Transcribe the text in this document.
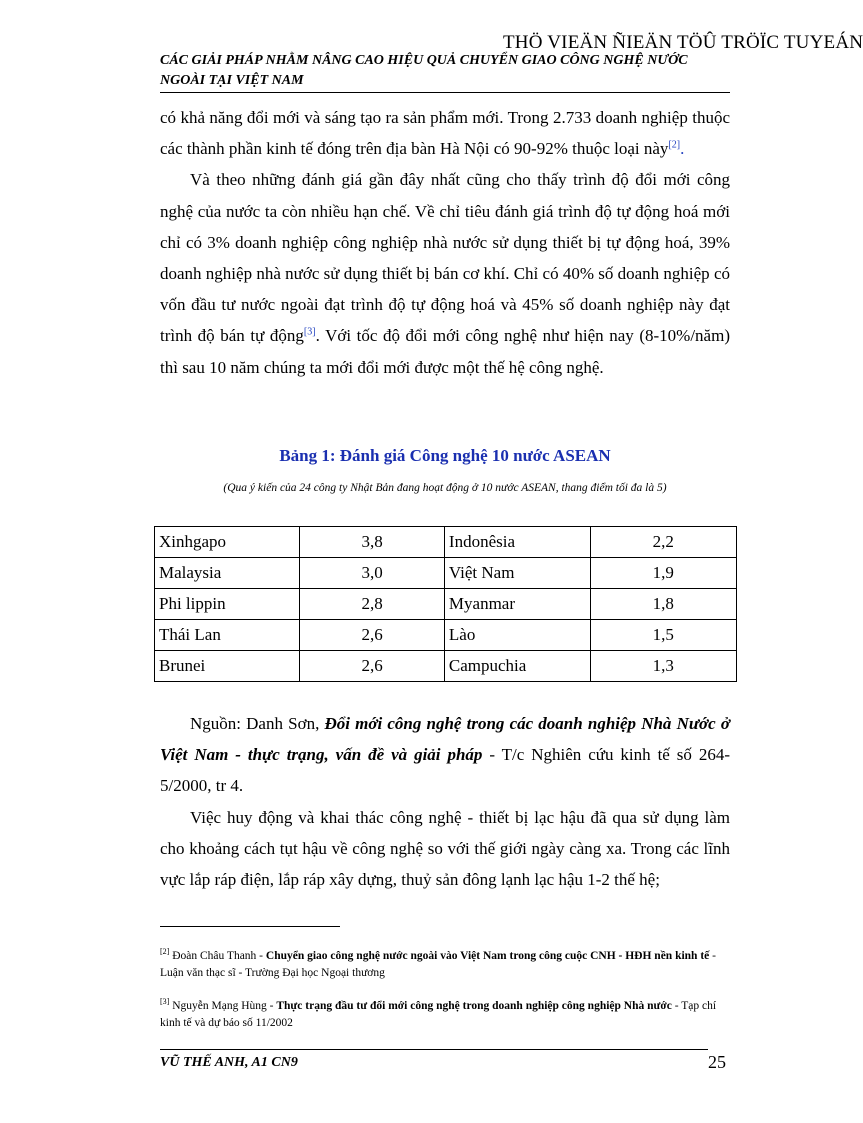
THÖ VIEÄN ÑIEÄN TÖÛ TRÖÏC TUYEÁN
CÁC GIẢI PHÁP NHẰM NÂNG CAO HIỆU QUẢ CHUYỂN GIAO CÔNG NGHỆ NƯỚC NGOÀI TẠI VIỆT NAM

có khả năng đổi mới và sáng tạo ra sản phẩm mới. Trong 2.733 doanh nghiệp thuộc các thành phần kinh tế đóng trên địa bàn Hà Nội có 90-92% thuộc loại này[2].

Và theo những đánh giá gần đây nhất cũng cho thấy trình độ đổi mới công nghệ của nước ta còn nhiều hạn chế. Về chỉ tiêu đánh giá trình độ tự động hoá mới chỉ có 3% doanh nghiệp công nghiệp nhà nước sử dụng thiết bị tự động hoá, 39% doanh nghiệp nhà nước sử dụng thiết bị bán cơ khí. Chỉ có 40% số doanh nghiệp có vốn đầu tư nước ngoài đạt trình độ tự động hoá và 45% số doanh nghiệp này đạt trình độ bán tự động[3]. Với tốc độ đổi mới công nghệ như hiện nay (8-10%/năm) thì sau 10 năm chúng ta mới đổi mới được một thế hệ công nghệ.

Bảng 1: Đánh giá Công nghệ 10 nước ASEAN
(Qua ý kiến của 24 công ty Nhật Bản đang hoạt động ở 10 nước ASEAN, thang điểm tối đa là 5)
Xinhgapo	3,8	Indonêsia	2,2
Malaysia	3,0	Việt Nam	1,9
Phi lippin	2,8	Myanmar	1,8
Thái Lan	2,6	Lào	1,5
Brunei	2,6	Campuchia	1,3
Nguồn: Danh Sơn, Đổi mới công nghệ trong các doanh nghiệp Nhà Nước ở Việt Nam - thực trạng, vấn đề và giải pháp - T/c Nghiên cứu kinh tế số 264-5/2000, tr 4.
Việc huy động và khai thác công nghệ - thiết bị lạc hậu đã qua sử dụng làm cho khoảng cách tụt hậu về công nghệ so với thế giới ngày càng xa. Trong các lĩnh vực lắp ráp điện, lắp ráp xây dựng, thuỷ sản đông lạnh lạc hậu 1-2 thế hệ;
[2] Đoàn Châu Thanh - Chuyển giao công nghệ nước ngoài vào Việt Nam trong công cuộc CNH - HĐH nền kinh tế - Luận văn thạc sĩ - Trường Đại học Ngoại thương
[3] Nguyễn Mạng Hùng - Thực trạng đầu tư đổi mới công nghệ trong doanh nghiệp công nghiệp Nhà nước - Tạp chí kinh tế và dự báo số 11/2002
VŨ THẾ ANH, A1 CN9	25
